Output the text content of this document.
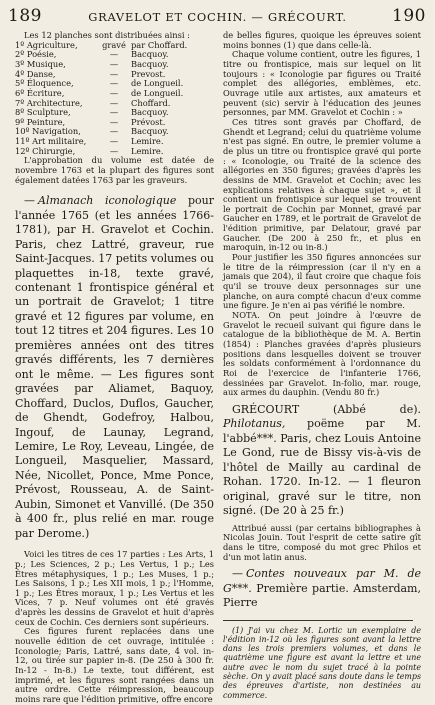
189	GRAVELOT ET COCHIN. — GRÉCOURT.	190

Les 12 planches sont distribuées ainsi :

1º Agriculture,	gravé par Choffard.
2º Poésie,	—	Bacquoy.
3º Musique,	—	Bacquoy.
4º Danse,	—	Prevost.
5º Éloquence,	—	de Longueil.
6º Écriture,	—	de Longueil.
7º Architecture,	—	Choffard.
8º Sculpture,	—	Bacquoy.
9º Peinture,	—	Prévost.
10º Navigation,	—	Bacquoy.
11º Art militaire,	—	Lemire.
12º Chirurgie,	—	Lemire.

L'approbation du volume est datée de novembre 1763 et la plupart des figures sont également datées 1763 par les graveurs.

— Almanach iconologique pour l'année 1765 (et les années 1766-1781), par H. Gravelot et Cochin. Paris, chez Lattré, graveur, rue Saint-Jacques. 17 petits volumes ou plaquettes in-18, texte gravé, contenant 1 frontispice général et un portrait de Gravelot; 1 titre gravé et 12 figures par volume, en tout 12 titres et 204 figures. Les 10 premières années ont des titres gravés différents, les 7 dernières ont le même. — Les figures sont gravées par Aliamet, Baquoy, Choffard, Duclos, Duflos, Gaucher, de Ghendt, Godefroy, Halbou, Ingouf, de Launay, Legrand, Lemire, Le Roy, Leveau, Lingée, de Longueil, Masquelier, Massard, Née, Nicollet, Ponce, Mme Ponce, Prévost, Rousseau, A. de Saint-Aubin, Simonet et Vanvillé. (De 350 à 400 fr., plus relié en mar. rouge par Derome.)

Voici les titres de ces 17 parties : Les Arts, 1 p.; Les Sciences, 2 p.; Les Vertus, 1 p.; Les Êtres métaphysiques, 1 p.; Les Muses, 1 p.; Les Saisons, 1 p.; Les XII mois, 1 p.; l'Homme, 1 p.; Les Êtres moraux, 1 p.; Les Vertus et les Vices, 7 p. Neuf volumes ont été gravés d'après les dessins de Gravelot et huit d'après ceux de Cochin. Ces derniers sont supérieurs.

Ces figures furent replacées dans une nouvelle édition de cet ouvrage, intitulée : Iconologie; Paris, Lattré, sans date, 4 vol. in-12, ou tirée sur papier in-8. (De 250 à 300 fr. In-12 - In-8.) Le texte, tout différent, est imprimé, et les figures sont rangées dans un autre ordre. Cette réimpression, beaucoup moins rare que l'édition primitive, offre encore

de belles figures, quoique les épreuves soient moins bonnes (1) que dans celle-là.

Chaque volume contient, outre les figures, 1 titre ou frontispice, mais sur lequel on lit toujours : « Iconologie par figures ou Traité complet des allégories, emblèmes, etc. Ouvrage utile aux artistes, aux amateurs et peuvent (sic) servir à l'éducation des jeunes personnes, par MM. Gravelot et Cochin : »

Ces titres sont gravés par Choffard, de Ghendt et Legrand; celui du quatrième volume n'est pas signé. En outre, le premier volume a de plus un titre ou frontispice gravé qui porte : « Iconologie, ou Traité de la science des allégories en 350 figures; gravées d'après les dessins de MM. Gravelot et Cochin; avec les explications relatives à chaque sujet », et il contient un frontispice sur lequel se trouvent le portrait de Cochin par Monnet, gravé par Gaucher en 1789, et le portrait de Gravelot de l'édition primitive, par Delatour, gravé par Gaucher. (De 200 à 250 fr., et plus en maroquin, in-12 ou in-8.)

Pour justifier les 350 figures annoncées sur le titre de la réimpression (car il n'y en a jamais que 204), il faut croire que chaque fois qu'il se trouve deux personnages sur une planche, on aura compté chacun d'eux comme une figure. Je n'en ai pas vérifié le nombre.

NOTA. On peut joindre à l'œuvre de Gravelot le recueil suivant qui figure dans le catalogue de la bibliothèque de M. A. Bertin (1854) : Planches gravées d'après plusieurs positions dans lesquelles doivent se trouver les soldats conformément à l'ordonnance du Roi de l'exercice de l'infanterie 1766, dessinées par Gravelot. In-folio, mar. rouge, aux armes du dauphin. (Vendu 80 fr.)

GRÉCOURT (Abbé de). Philotanus, poëme par M. l'abbé***. Paris, chez Louis Antoine Le Gond, rue de Bissy vis-à-vis de l'hôtel de Mailly au cardinal de Rohan. 1720. In-12. — 1 fleuron original, gravé sur le titre, non signé. (De 20 à 25 fr.)

Attribué aussi (par certains bibliographes à Nicolas Jouin. Tout l'esprit de cette satire gît dans le titre, composé du mot grec Philos et d'un mot latin anus.

— Contes nouveaux par M. de G***. Première partie. Amsterdam, Pierre

(1) J'ai vu chez M. Lortic un exemplaire de l'édition in-12 où les figures sont avant la lettre dans les trois premiers volumes, et dans le quatrième une figure est avant la lettre et une autre avec le nom du sujet tracé à la pointe sèche. On y avait placé sans doute dans le temps des épreuves d'artiste, non destinées au commerce.
